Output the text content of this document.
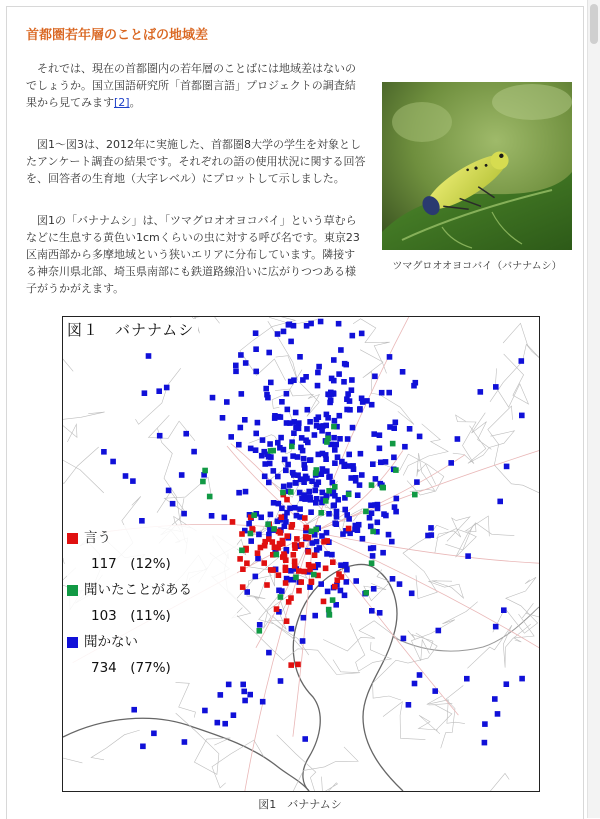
首都圏若年層のことばの地域差

　それでは、現在の首都圏内の若年層のことばには地域差はないのでしょうか。国立国語研究所「首都圏言語」プロジェクトの調査結果から見てみます[2]。

　図1～図3は、2012年に実施した、首都圏8大学の学生を対象としたアンケート調査の結果です。それぞれの語の使用状況に関する回答を、回答者の生育地（大字レベル）にプロットして示しました。

　図1の「バナナムシ」は、「ツマグロオオヨコバイ」という草むらなどに生息する黄色い1cmくらいの虫に対する呼び名です。東京23区南西部から多摩地域という狭いエリアに分布しています。隣接する神奈川県北部、埼玉県南部にも鉄道路線沿いに広がりつつある様子がうかがえます。

ツマグロオオヨコバイ（バナナムシ）
図１　バナナムシ
言う
117　(12%)
聞いたことがある
103　(11%)
聞かない
734　(77%)
図1　バナナムシ
